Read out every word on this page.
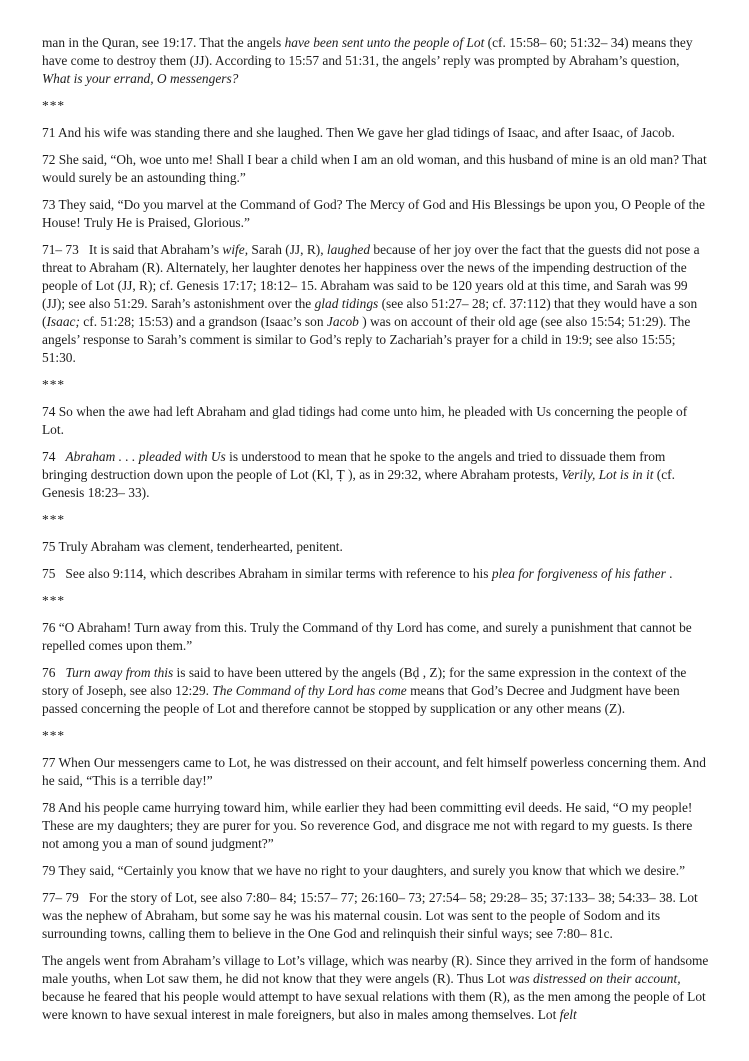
man in the Quran, see 19:17. That the angels have been sent unto the people of Lot (cf. 15:58– 60; 51:32– 34) means they have come to destroy them (JJ). According to 15:57 and 51:31, the angels’ reply was prompted by Abraham’s question, What is your errand, O messengers?

***

71 And his wife was standing there and she laughed. Then We gave her glad tidings of Isaac, and after Isaac, of Jacob.

72 She said, “Oh, woe unto me! Shall I bear a child when I am an old woman, and this husband of mine is an old man? That would surely be an astounding thing.”

73 They said, “Do you marvel at the Command of God? The Mercy of God and His Blessings be upon you, O People of the House! Truly He is Praised, Glorious.”

71– 73   It is said that Abraham’s wife, Sarah (JJ, R), laughed because of her joy over the fact that the guests did not pose a threat to Abraham (R). Alternately, her laughter denotes her happiness over the news of the impending destruction of the people of Lot (JJ, R); cf. Genesis 17:17; 18:12– 15. Abraham was said to be 120 years old at this time, and Sarah was 99 (JJ); see also 51:29. Sarah’s astonishment over the glad tidings (see also 51:27– 28; cf. 37:112) that they would have a son (Isaac; cf. 51:28; 15:53) and a grandson (Isaac’s son Jacob ) was on account of their old age (see also 15:54; 51:29). The angels’ response to Sarah’s comment is similar to God’s reply to Zachariah’s prayer for a child in 19:9; see also 15:55; 51:30.

***

74 So when the awe had left Abraham and glad tidings had come unto him, he pleaded with Us concerning the people of Lot.

74   Abraham . . . pleaded with Us is understood to mean that he spoke to the angels and tried to dissuade them from bringing destruction down upon the people of Lot (Kl, Ṭ ), as in 29:32, where Abraham protests, Verily, Lot is in it (cf. Genesis 18:23– 33).

***

75 Truly Abraham was clement, tenderhearted, penitent.

75   See also 9:114, which describes Abraham in similar terms with reference to his plea for forgiveness of his father .

***

76 “O Abraham! Turn away from this. Truly the Command of thy Lord has come, and surely a punishment that cannot be repelled comes upon them.”

76   Turn away from this is said to have been uttered by the angels (Bḍ , Z); for the same expression in the context of the story of Joseph, see also 12:29. The Command of thy Lord has come means that God’s Decree and Judgment have been passed concerning the people of Lot and therefore cannot be stopped by supplication or any other means (Z).

***

77 When Our messengers came to Lot, he was distressed on their account, and felt himself powerless concerning them. And he said, “This is a terrible day!”

78 And his people came hurrying toward him, while earlier they had been committing evil deeds. He said, “O my people! These are my daughters; they are purer for you. So reverence God, and disgrace me not with regard to my guests. Is there not among you a man of sound judgment?”

79 They said, “Certainly you know that we have no right to your daughters, and surely you know that which we desire.”

77– 79   For the story of Lot, see also 7:80– 84; 15:57– 77; 26:160– 73; 27:54– 58; 29:28– 35; 37:133– 38; 54:33– 38. Lot was the nephew of Abraham, but some say he was his maternal cousin. Lot was sent to the people of Sodom and its surrounding towns, calling them to believe in the One God and relinquish their sinful ways; see 7:80– 81c.

The angels went from Abraham’s village to Lot’s village, which was nearby (R). Since they arrived in the form of handsome male youths, when Lot saw them, he did not know that they were angels (R). Thus Lot was distressed on their account, because he feared that his people would attempt to have sexual relations with them (R), as the men among the people of Lot were known to have sexual interest in male foreigners, but also in males among themselves. Lot felt
